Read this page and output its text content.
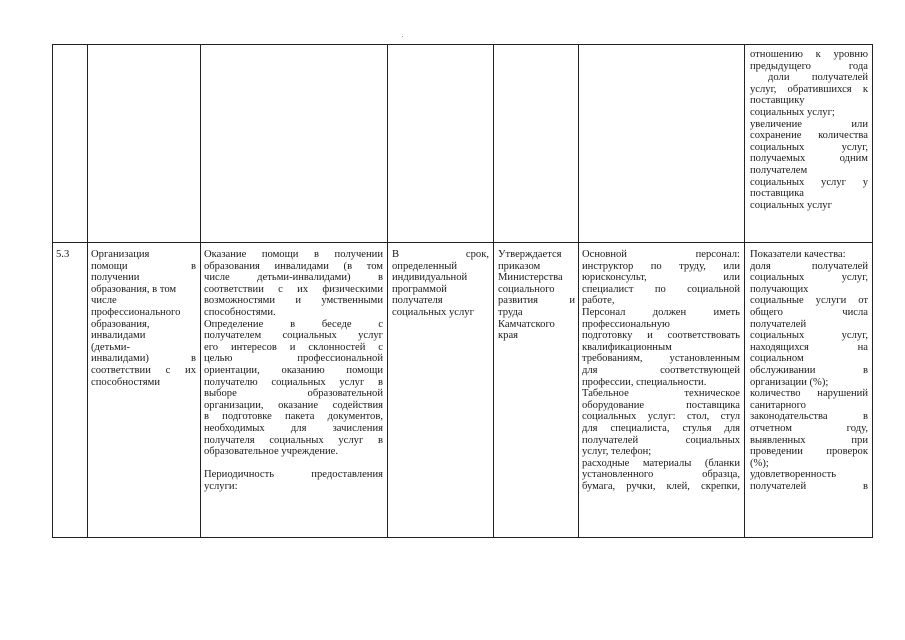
отношению к уровню
предыдущего года
доли получателей
услуг, обратившихся к
поставщику
социальных услуг;
увеличение или
сохранение количества
социальных услуг,
получаемых одним
получателем
социальных услуг у
поставщика
социальных услуг
5.3	Организация
помощи в
получении
образования, в том
числе
профессионального
образования,
инвалидами
(детьми-
инвалидами) в
соответствии с их
способностями
Оказание помощи в получении
образования инвалидами (в том
числе детьми-инвалидами) в
соответствии с их физическими
возможностями и умственными
способностями.
Определение в беседе с
получателем социальных услуг
его интересов и склонностей с
целью профессиональной
ориентации, оказанию помощи
получателю социальных услуг в
выборе образовательной
организации, оказание содействия
в подготовке пакета документов,
необходимых для зачисления
получателя социальных услуг в
образовательное учреждение.
Периодичность предоставления
услуги:
В срок,
определенный
индивидуальной
программой
получателя
социальных услуг
Утверждается
приказом
Министерства
социального
развития и
труда
Камчатского
края
Основной персонал:
инструктор по труду, или
юрисконсульт, или
специалист по социальной
работе,
Персонал должен иметь
профессиональную
подготовку и соответствовать
квалификационным
требованиям, установленным
для соответствующей
профессии, специальности.
Табельное техническое
оборудование поставщика
социальных услуг: стол, стул
для специалиста, стулья для
получателей социальных
услуг, телефон;
расходные материалы (бланки
установленного образца,
бумага, ручки, клей, скрепки,
Показатели качества:
доля получателей
социальных услуг,
получающих
социальные услуги от
общего числа
получателей
социальных услуг,
находящихся на
социальном
обслуживании в
организации (%);
количество нарушений
санитарного
законодательства в
отчетном году,
выявленных при
проведении проверок
(%);
удовлетворенность
получателей в
